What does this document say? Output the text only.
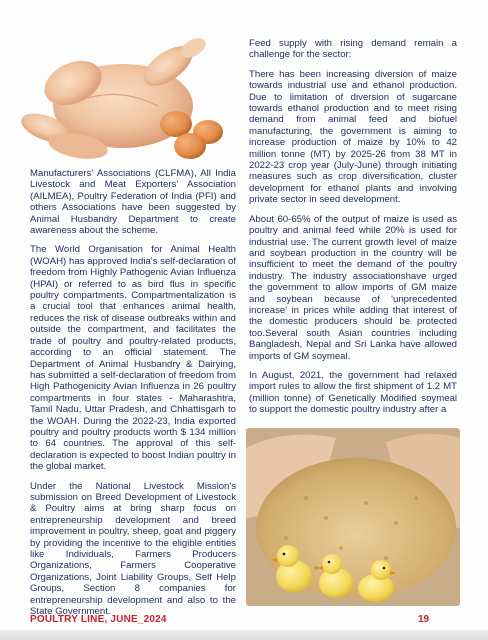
Manufacturers' Associations (CLFMA), All India Livestock and Meat Exporters' Association (AILMEA), Poultry Federation of India (PFI) and others Associations have been suggested by Animal Husbandry Department to create awareness about the scheme.

The World Organisation for Animal Health (WOAH) has approved India's self-declaration of freedom from Highly Pathogenic Avian Influenza (HPAI) or referred to as bird flus in specific poultry compartments. Compartmentalization is a crucial tool that enhances animal health, reduces the risk of disease outbreaks within and outside the compartment, and facilitates the trade of poultry and poultry-related products, according to an official statement. The Department of Animal Husbandry & Dairying, has submitted a self-declaration of freedom from High Pathogenicity Avian Influenza in 26 poultry compartments in four states - Maharashtra, Tamil Nadu, Uttar Pradesh, and Chhattisgarh to the WOAH. During the 2022-23, India exported poultry and poultry products worth $ 134 million to 64 countries. The approval of this self-declaration is expected to boost Indian poultry in the global market.

Under the National Livestock Mission's submission on Breed Development of Livestock & Poultry aims at bring sharp focus on entrepreneurship development and breed improvement in poultry, sheep, goat and piggery by providing the incentive to the eligible entities like Individuals, Farmers Producers Organizations, Farmers Cooperative Organizations, Joint Liability Groups, Self Help Groups, Section 8 companies for entrepreneurship development and also to the State Government.

Feed supply with rising demand remain a challenge for the sector:

There has been increasing diversion of maize towards industrial use and ethanol production. Due to limitation of diversion of sugarcane towards ethanol production and to meet rising demand from animal feed and biofuel manufacturing, the government is aiming to increase production of maize by 10% to 42 million tonne (MT) by 2025-26 from 38 MT in 2022-23 crop year (July-June) through initiating measures such as crop diversification, cluster development for ethanol plants and involving private sector in seed development.

About 60-65% of the output of maize is used as poultry and animal feed while 20% is used for industrial use. The current growth level of maize and soybean production in the country will be insufficient to meet the demand of the poultry industry. The industry associationshave urged the government to allow imports of GM maize and soybean because of 'unprecedented increase' in prices while adding that interest of the domestic producers should be protected too.Several south Asian countries including Bangladesh, Nepal and Sri Lanka have allowed imports of GM soymeal.

In August, 2021, the government had relaxed import rules to allow the first shipment of 1.2 MT (million tonne) of Genetically Modified soymeal to support the domestic poultry industry after a

POULTRY LINE, JUNE_2024	19
